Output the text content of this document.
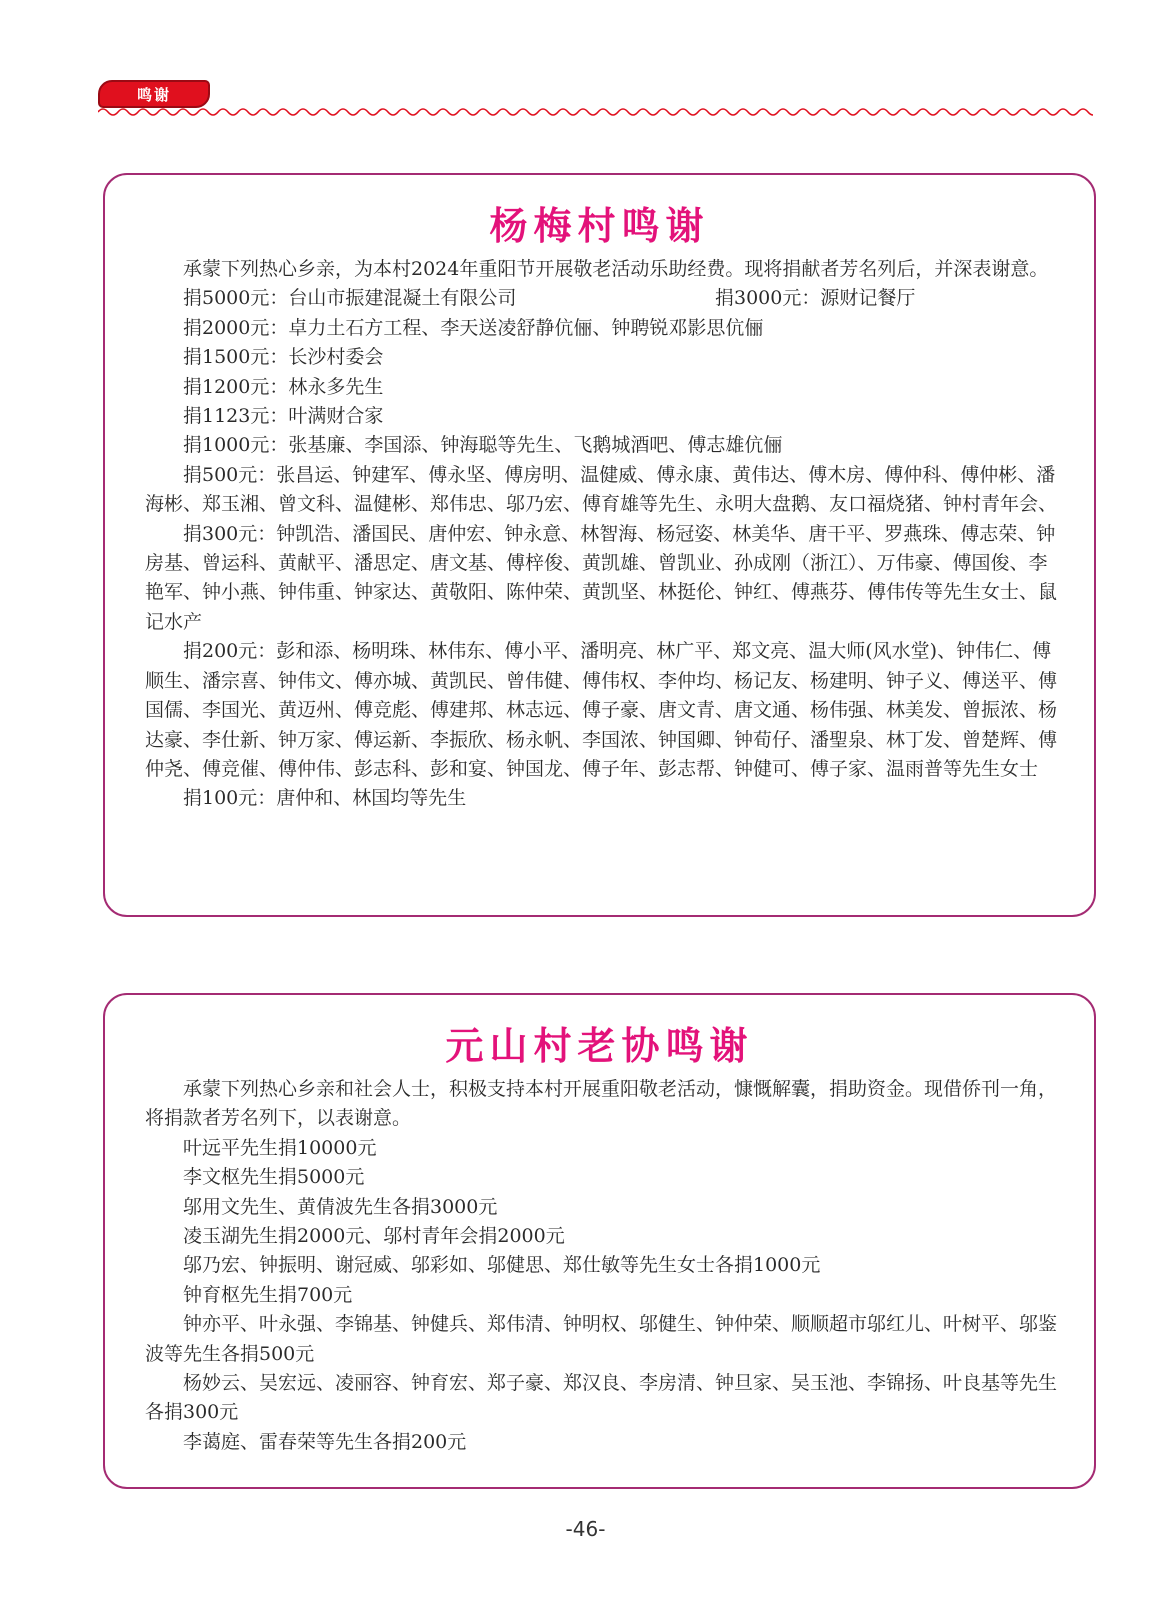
鸣谢
杨梅村鸣谢

承蒙下列热心乡亲，为本村2024年重阳节开展敬老活动乐助经费。现将捐献者芳名列后，并深表谢意。

捐5000元：台山市振建混凝土有限公司	捐3000元：源财记餐厅

捐2000元：卓力土石方工程、李天送凌舒静伉俪、钟聘锐邓影思伉俪

捐1500元：长沙村委会

捐1200元：林永多先生

捐1123元：叶满财合家

捐1000元：张基廉、李国添、钟海聪等先生、飞鹅城酒吧、傅志雄伉俪

捐500元：张昌运、钟建军、傅永坚、傅房明、温健威、傅永康、黄伟达、傅木房、傅仲科、傅仲彬、潘海彬、郑玉湘、曾文科、温健彬、郑伟忠、邬乃宏、傅育雄等先生、永明大盘鹅、友口福烧猪、钟村青年会、

捐300元：钟凯浩、潘国民、唐仲宏、钟永意、林智海、杨冠姿、林美华、唐干平、罗燕珠、傅志荣、钟房基、曾运科、黄献平、潘思定、唐文基、傅梓俊、黄凯雄、曾凯业、孙成刚（浙江）、万伟豪、傅国俊、李艳军、钟小燕、钟伟重、钟家达、黄敬阳、陈仲荣、黄凯坚、林挺伦、钟红、傅燕芬、傅伟传等先生女士、鼠记水产

捐200元：彭和添、杨明珠、林伟东、傅小平、潘明亮、林广平、郑文亮、温大师(风水堂)、钟伟仁、傅顺生、潘宗喜、钟伟文、傅亦城、黄凯民、曾伟健、傅伟权、李仲均、杨记友、杨建明、钟子义、傅送平、傅国儒、李国光、黄迈州、傅竞彪、傅建邦、林志远、傅子豪、唐文青、唐文通、杨伟强、林美发、曾振浓、杨达豪、李仕新、钟万家、傅运新、李振欣、杨永帆、李国浓、钟国卿、钟荀仔、潘聖泉、林丁发、曾楚辉、傅仲尧、傅竞催、傅仲伟、彭志科、彭和宴、钟国龙、傅子年、彭志帮、钟健可、傅子家、温雨普等先生女士

捐100元：唐仲和、林国均等先生

元山村老协鸣谢

承蒙下列热心乡亲和社会人士，积极支持本村开展重阳敬老活动，慷慨解囊，捐助资金。现借侨刊一角，将捐款者芳名列下，以表谢意。

叶远平先生捐10000元

李文枢先生捐5000元

邬用文先生、黄倩波先生各捐3000元

凌玉湖先生捐2000元、邬村青年会捐2000元

邬乃宏、钟振明、谢冠威、邬彩如、邬健思、郑仕敏等先生女士各捐1000元

钟育枢先生捐700元

钟亦平、叶永强、李锦基、钟健兵、郑伟清、钟明权、邬健生、钟仲荣、顺顺超市邬红儿、叶树平、邬鉴波等先生各捐500元

杨妙云、吴宏远、凌丽容、钟育宏、郑子豪、郑汉良、李房清、钟旦家、吴玉池、李锦扬、叶良基等先生各捐300元

李蔼庭、雷春荣等先生各捐200元

-46-
